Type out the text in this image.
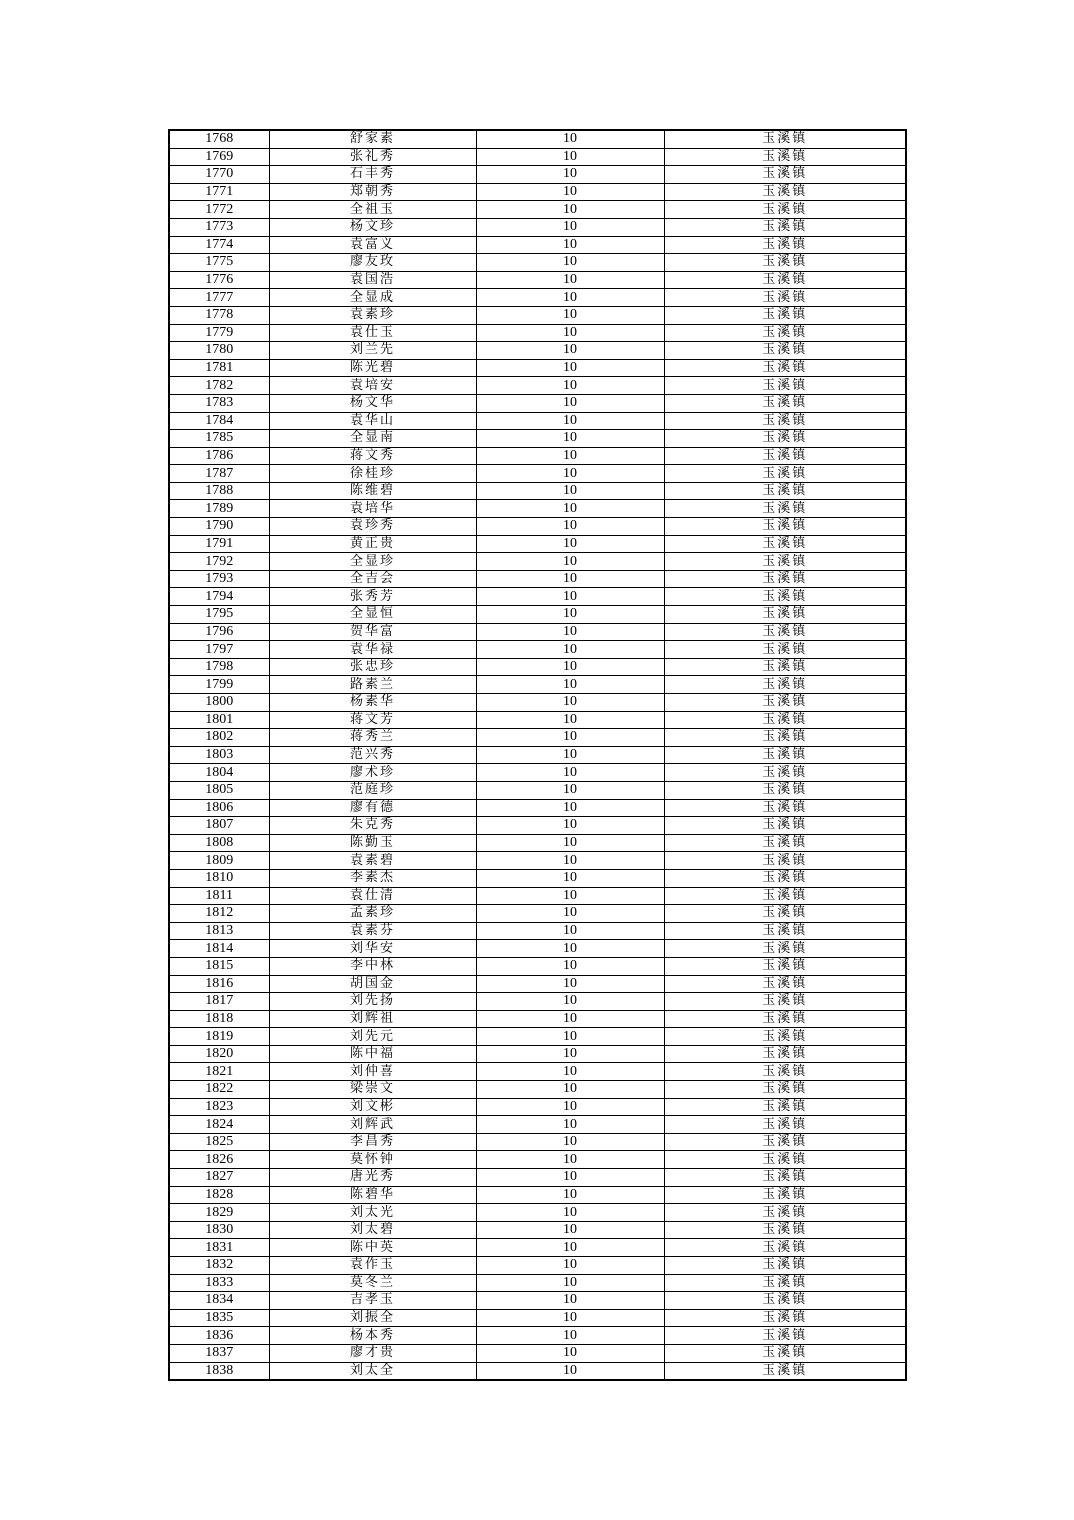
1768	舒家素	10	玉溪镇
1769	张礼秀	10	玉溪镇
1770	石丰秀	10	玉溪镇
1771	郑朝秀	10	玉溪镇
1772	全祖玉	10	玉溪镇
1773	杨文珍	10	玉溪镇
1774	袁富义	10	玉溪镇
1775	廖友玫	10	玉溪镇
1776	袁国浩	10	玉溪镇
1777	全显成	10	玉溪镇
1778	袁素珍	10	玉溪镇
1779	袁仕玉	10	玉溪镇
1780	刘兰先	10	玉溪镇
1781	陈光碧	10	玉溪镇
1782	袁培安	10	玉溪镇
1783	杨文华	10	玉溪镇
1784	袁华山	10	玉溪镇
1785	全显南	10	玉溪镇
1786	蒋文秀	10	玉溪镇
1787	徐桂珍	10	玉溪镇
1788	陈维碧	10	玉溪镇
1789	袁培华	10	玉溪镇
1790	袁珍秀	10	玉溪镇
1791	黄正贵	10	玉溪镇
1792	全显珍	10	玉溪镇
1793	全吉会	10	玉溪镇
1794	张秀芳	10	玉溪镇
1795	全显恒	10	玉溪镇
1796	贺华富	10	玉溪镇
1797	袁华禄	10	玉溪镇
1798	张忠珍	10	玉溪镇
1799	路素兰	10	玉溪镇
1800	杨素华	10	玉溪镇
1801	蒋文芳	10	玉溪镇
1802	蒋秀兰	10	玉溪镇
1803	范兴秀	10	玉溪镇
1804	廖术珍	10	玉溪镇
1805	范庭珍	10	玉溪镇
1806	廖有德	10	玉溪镇
1807	朱克秀	10	玉溪镇
1808	陈勤玉	10	玉溪镇
1809	袁素碧	10	玉溪镇
1810	李素杰	10	玉溪镇
1811	袁仕清	10	玉溪镇
1812	孟素珍	10	玉溪镇
1813	袁素芬	10	玉溪镇
1814	刘华安	10	玉溪镇
1815	李中林	10	玉溪镇
1816	胡国金	10	玉溪镇
1817	刘先扬	10	玉溪镇
1818	刘辉祖	10	玉溪镇
1819	刘先元	10	玉溪镇
1820	陈中福	10	玉溪镇
1821	刘仲喜	10	玉溪镇
1822	梁崇文	10	玉溪镇
1823	刘文彬	10	玉溪镇
1824	刘辉武	10	玉溪镇
1825	李昌秀	10	玉溪镇
1826	莫怀钟	10	玉溪镇
1827	唐光秀	10	玉溪镇
1828	陈碧华	10	玉溪镇
1829	刘太光	10	玉溪镇
1830	刘太碧	10	玉溪镇
1831	陈中英	10	玉溪镇
1832	袁作玉	10	玉溪镇
1833	莫冬兰	10	玉溪镇
1834	吉孝玉	10	玉溪镇
1835	刘振全	10	玉溪镇
1836	杨本秀	10	玉溪镇
1837	廖才贵	10	玉溪镇
1838	刘太全	10	玉溪镇
